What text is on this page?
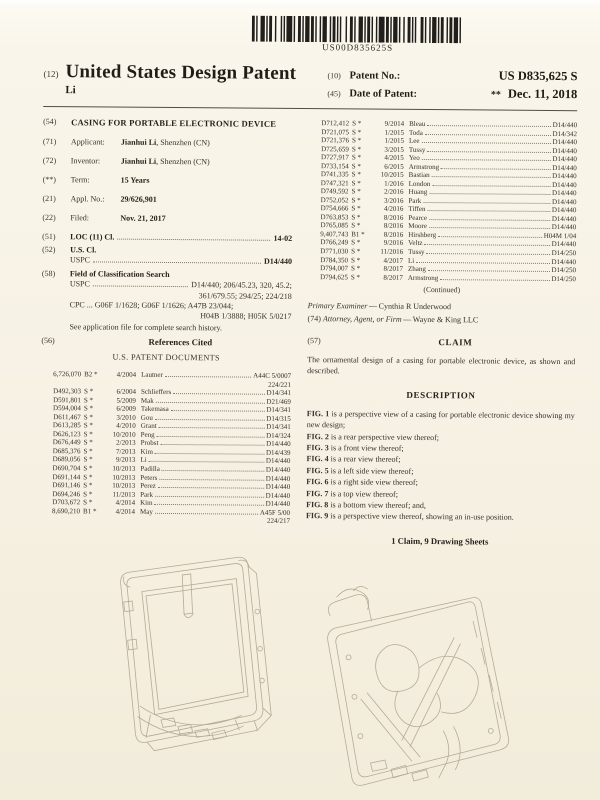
US00D835625S
(12) United States Design Patent
Li
(10) Patent No.:	US D835,625 S
(45) Date of Patent:	** Dec. 11, 2018
(54)	CASING FOR PORTABLE ELECTRONIC DEVICE
(71)	Applicant: Jianhui Li, Shenzhen (CN)
(72)	Inventor:	Jianhui Li, Shenzhen (CN)
(**)	Term:	15 Years
(21)	Appl. No.: 29/626,901
(22)	Filed:	Nov. 21, 2017
(51)	LOC (11) Cl.	14-02
(52)	U.S. Cl.
USPC	D14/440
(58)	Field of Classification Search
USPC	D14/440; 206/45.23, 320, 45.2;
361/679.55; 294/25; 224/218
CPC ...
G06F 1/1628; G06F 1/1626; A47B 23/044;
H04B 1/3888; H05K 5/0217
See application file for complete search history.
(56)	References Cited
U.S. PATENT DOCUMENTS
6,726,070 B2 *	4/2004 Lautner	A44C 5/0007
224/221
D492,303 S *	6/2004 Schlieffers	D14/341
D591,801 S *	5/2009 Mak	D21/469
D594,004 S *	6/2009 Takemasa	D14/341
D611,467 S *	3/2010 Gou	D14/315
D613,285 S *	4/2010 Grant	D14/341
D626,123 S *	10/2010 Peng	D14/324
D676,449 S *	2/2013 Probst	D14/440
D685,376 S *	7/2013 Kim	D14/439
D689,056 S *	9/2013 Li	D14/440
D690,704 S *	10/2013 Padilla	D14/440
D691,144 S *	10/2013 Peters	D14/440
D691,146 S *	10/2013 Perez	D14/440
D694,246 S *	11/2013 Park	D14/440
D703,672 S *	4/2014 Kim	D14/440
8,690,210 B1 *	4/2014 May	A45F 5/00
224/217
D712,412 S *	9/2014 Bleau	D14/440
D721,075 S *	1/2015 Toda	D14/342
D721,376 S *	1/2015 Lee	D14/440
D725,659 S *	3/2015 Tussy	D14/440
D727,917 S *	4/2015 Yeo	D14/440
D733,154 S *	6/2015 Armstrong	D14/440
D741,335 S *	10/2015 Bastian	D14/440
D747,321 S *	1/2016 London	D14/440
D749,592 S *	2/2016 Huang	D14/440
D752,052 S *	3/2016 Park	D14/440
D754,666 S *	4/2016 Tiffen	D14/440
D763,853 S *	8/2016 Pearce	D14/440
D765,085 S *	8/2016 Moore	D14/440
9,407,743 B1 *	8/2016 Hirshberg	H04M 1/04
D766,249 S *	9/2016 Veltz	D14/440
D771,030 S *	11/2016 Tussy	D14/250
D784,350 S *	4/2017 Li	D14/440
D794,007 S *	8/2017 Zhang	D14/250
D794,625 S *	8/2017 Armstrong	D14/250
(Continued)
Primary Examiner — Cynthia R Underwood
(74) Attorney, Agent, or Firm — Wayne & King LLC
(57)	CLAIM
The ornamental design of a casing for portable electronic device, as shown and described.
DESCRIPTION
FIG. 1 is a perspective view of a casing for portable electronic device showing my new design;
FIG. 2 is a rear perspective view thereof;
FIG. 3 is a front view thereof;
FIG. 4 is a rear view thereof;
FIG. 5 is a left side view thereof;
FIG. 6 is a right side view thereof;
FIG. 7 is a top view thereof;
FIG. 8 is a bottom view thereof; and,
FIG. 9 is a perspective view thereof, showing an in-use position.
1 Claim, 9 Drawing Sheets
